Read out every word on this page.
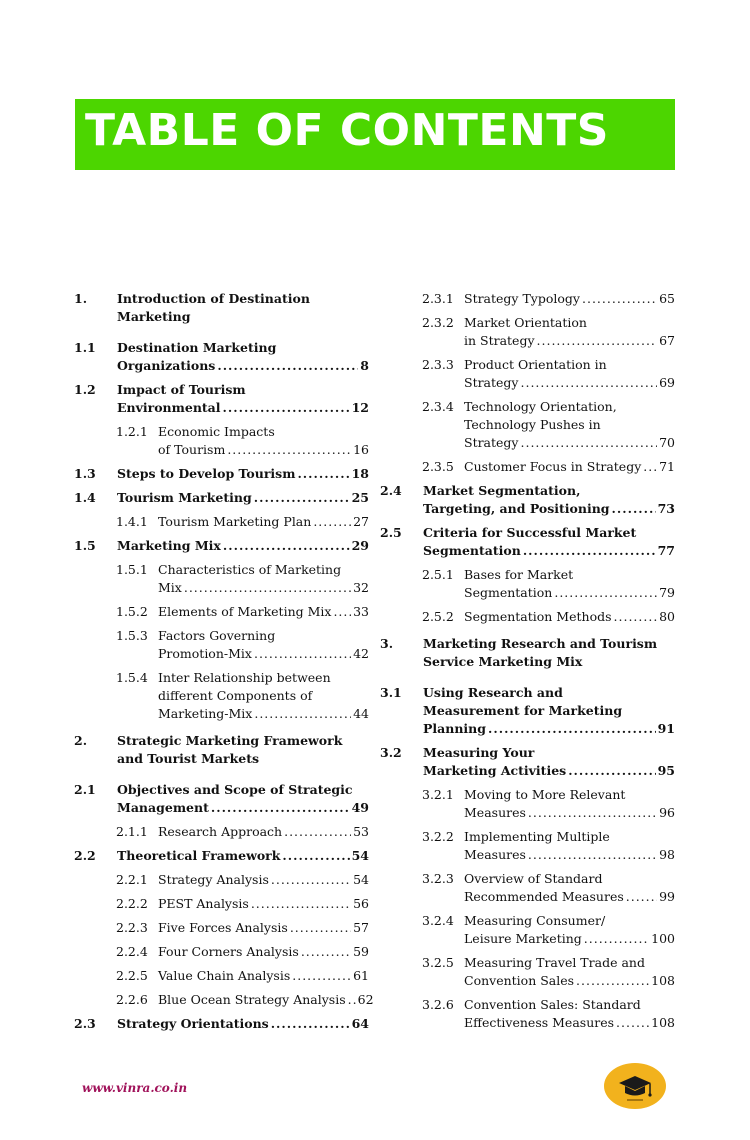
TABLE OF CONTENTS
1.	Introduction of Destination
Marketing
1.1	Destination Marketing
Organizations .....	8
1.2	Impact of Tourism
Environmental .....	12
1.2.1 Economic Impacts
of Tourism .....	16
1.3	Steps to Develop Tourism .....	18
1.4	Tourism Marketing .....	25
1.4.1 Tourism Marketing Plan .....	27
1.5	Marketing Mix .....	29
1.5.1 Characteristics of Marketing
Mix .....	32
1.5.2 Elements of Marketing Mix ..... 33
1.5.3 Factors Governing
Promotion-Mix .....	42
1.5.4 Inter Relationship between
different Components of
Marketing-Mix .....	44
2.	Strategic Marketing Framework
and Tourist Markets
2.1	Objectives and Scope of Strategic
Management .....	49
2.1.1 Research Approach .....	53
2.2	Theoretical Framework .....	54
2.2.1 Strategy Analysis .....	54
2.2.2 PEST Analysis .....	56
2.2.3 Five Forces Analysis .....	57
2.2.4 Four Corners Analysis .....	59
2.2.5 Value Chain Analysis .....	61
2.2.6 Blue Ocean Strategy Analysis ..... 62
2.3	Strategy Orientations .....	64
2.3.1 Strategy Typology .....	65
2.3.2 Market Orientation
in Strategy .....	67
2.3.3 Product Orientation in
Strategy .....	69
2.3.4 Technology Orientation,
Technology Pushes in
Strategy .....	70
2.3.5 Customer Focus in Strategy ..... 71
2.4	Market Segmentation,
Targeting, and Positioning .....	73
2.5	Criteria for Successful Market
Segmentation .....	77
2.5.1 Bases for Market
Segmentation .....	79
2.5.2 Segmentation Methods .....	80
3.	Marketing Research and Tourism
Service Marketing Mix
3.1	Using Research and
Measurement for Marketing
Planning .....	91
3.2	Measuring Your
Marketing Activities .....	95
3.2.1 Moving to More Relevant
Measures .....	96
3.2.2 Implementing Multiple
Measures .....	98
3.2.3 Overview of Standard
Recommended Measures .....	99
3.2.4 Measuring Consumer/
Leisure Marketing .....	100
3.2.5 Measuring Travel Trade and
Convention Sales .....	108
3.2.6 Convention Sales: Standard
Effectiveness Measures .....	108
www.vinra.co.in
